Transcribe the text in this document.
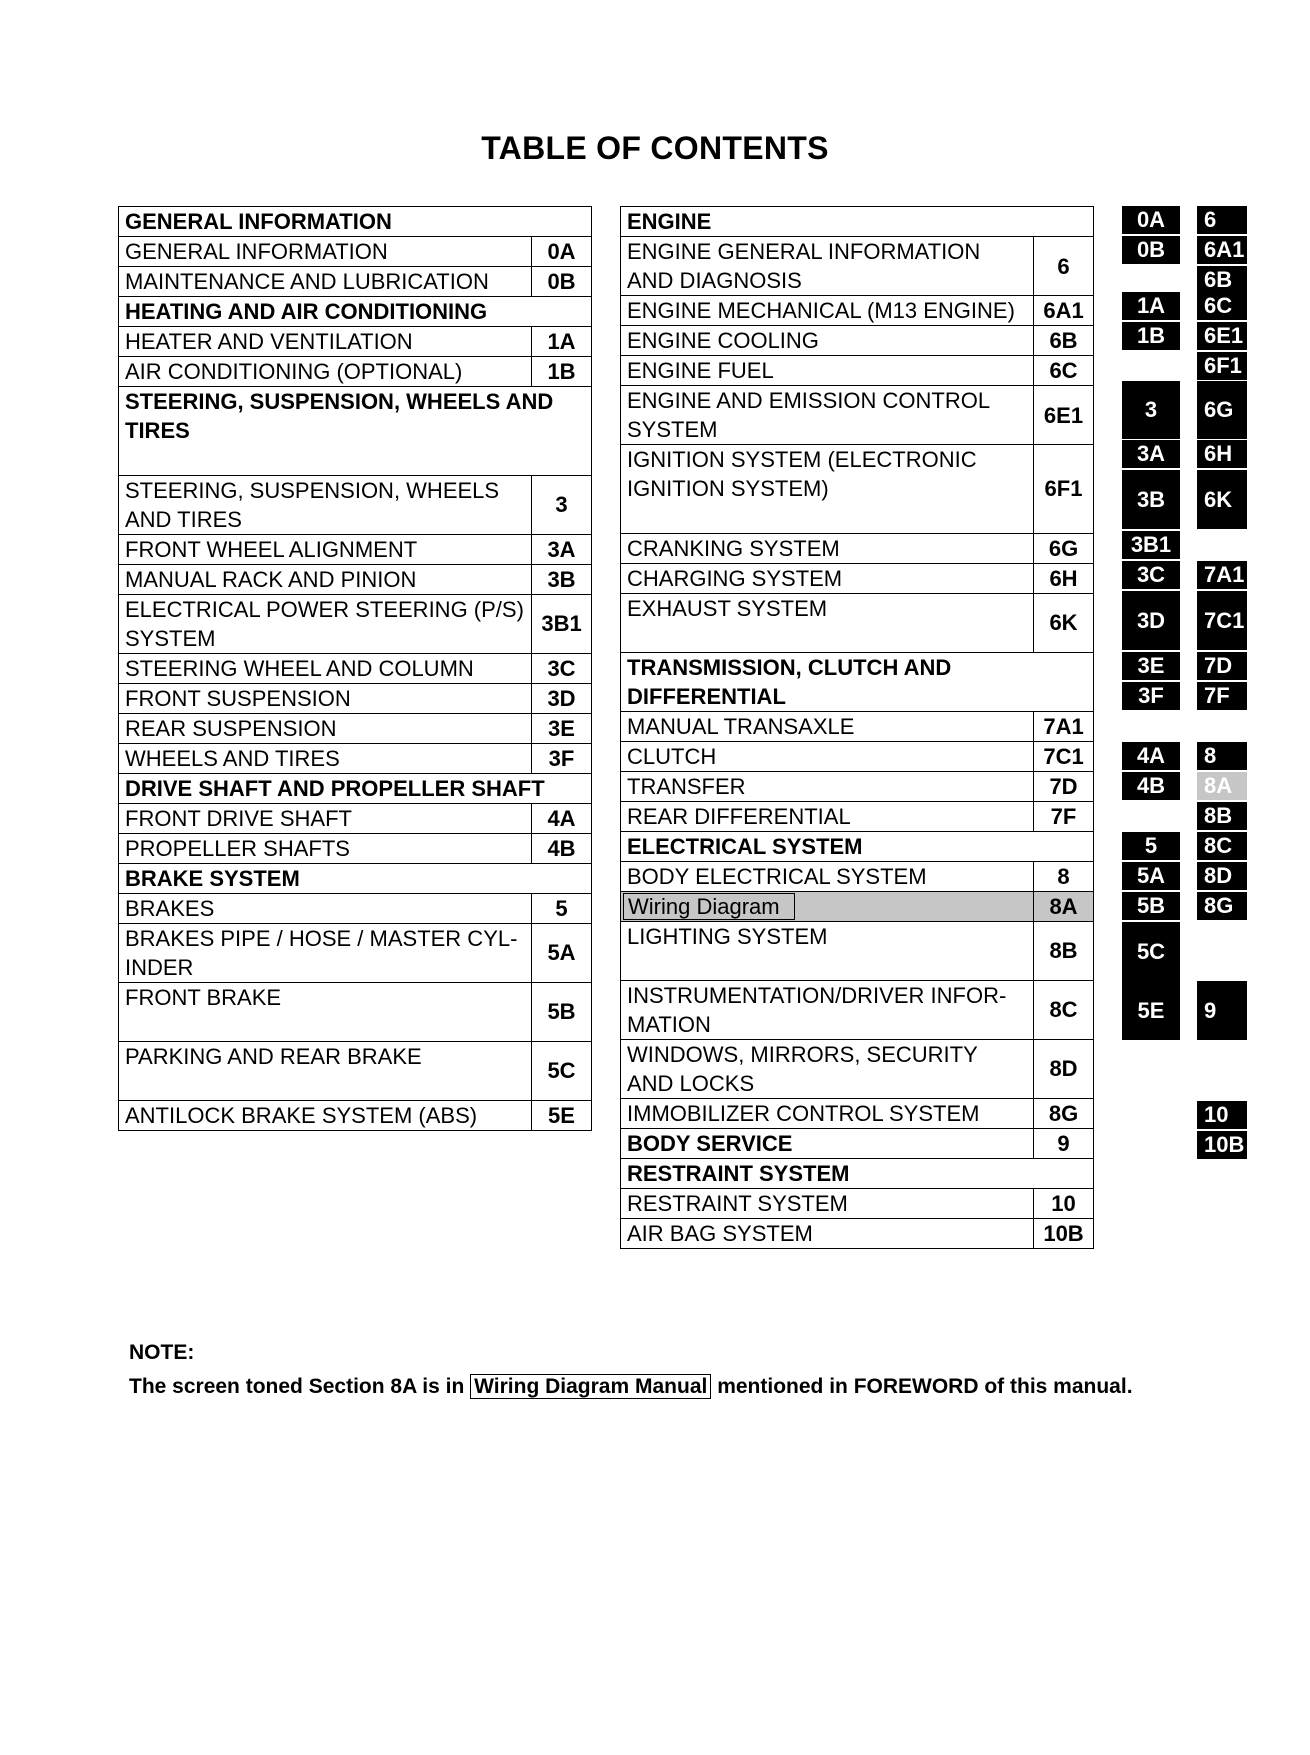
TABLE OF CONTENTS
GENERAL INFORMATION	
GENERAL INFORMATION	0A
MAINTENANCE AND LUBRICATION	0B
HEATING AND AIR CONDITIONING	
HEATER AND VENTILATION	1A
AIR CONDITIONING (OPTIONAL)	1B
STEERING, SUSPENSION, WHEELS AND TIRES	
STEERING, SUSPENSION, WHEELS AND TIRES	3
FRONT WHEEL ALIGNMENT	3A
MANUAL RACK AND PINION	3B
ELECTRICAL POWER STEERING (P/S) SYSTEM	3B1
STEERING WHEEL AND COLUMN	3C
FRONT SUSPENSION	3D
REAR SUSPENSION	3E
WHEELS AND TIRES	3F
DRIVE SHAFT AND PROPELLER SHAFT	
FRONT DRIVE SHAFT	4A
PROPELLER SHAFTS	4B
BRAKE SYSTEM	
BRAKES	5
BRAKES PIPE / HOSE / MASTER CYL-INDER	5A
FRONT BRAKE	5B
PARKING AND REAR BRAKE	5C
ANTILOCK BRAKE SYSTEM (ABS)	5E
ENGINE	
ENGINE GENERAL INFORMATION AND DIAGNOSIS	6
ENGINE MECHANICAL (M13 ENGINE)	6A1
ENGINE COOLING	6B
ENGINE FUEL	6C
ENGINE AND EMISSION CONTROL SYSTEM	6E1
IGNITION SYSTEM (ELECTRONIC IGNITION SYSTEM)	6F1
CRANKING SYSTEM	6G
CHARGING SYSTEM	6H
EXHAUST SYSTEM	6K
TRANSMISSION, CLUTCH AND DIFFERENTIAL	
MANUAL TRANSAXLE	7A1
CLUTCH	7C1
TRANSFER	7D
REAR DIFFERENTIAL	7F
ELECTRICAL SYSTEM	
BODY ELECTRICAL SYSTEM	8
Wiring Diagram	8A
LIGHTING SYSTEM	8B
INSTRUMENTATION/DRIVER INFOR-MATION	8C
WINDOWS, MIRRORS, SECURITY AND LOCKS	8D
IMMOBILIZER CONTROL SYSTEM	8G
BODY SERVICE	9
RESTRAINT SYSTEM	
RESTRAINT SYSTEM	10
AIR BAG SYSTEM	10B
0A
0B
1A
1B
3
3A
3B
3B1
3C
3D
3E
3F
4A
4B
5
5A
5B
5C
5E
6
6A1
6B
6C
6E1
6F1
6G
6H
6K
7A1
7C1
7D
7F
8
8A
8B
8C
8D
8G
9
10
10B
NOTE:
The screen toned Section 8A is in Wiring Diagram Manual mentioned in FOREWORD of this manual.
